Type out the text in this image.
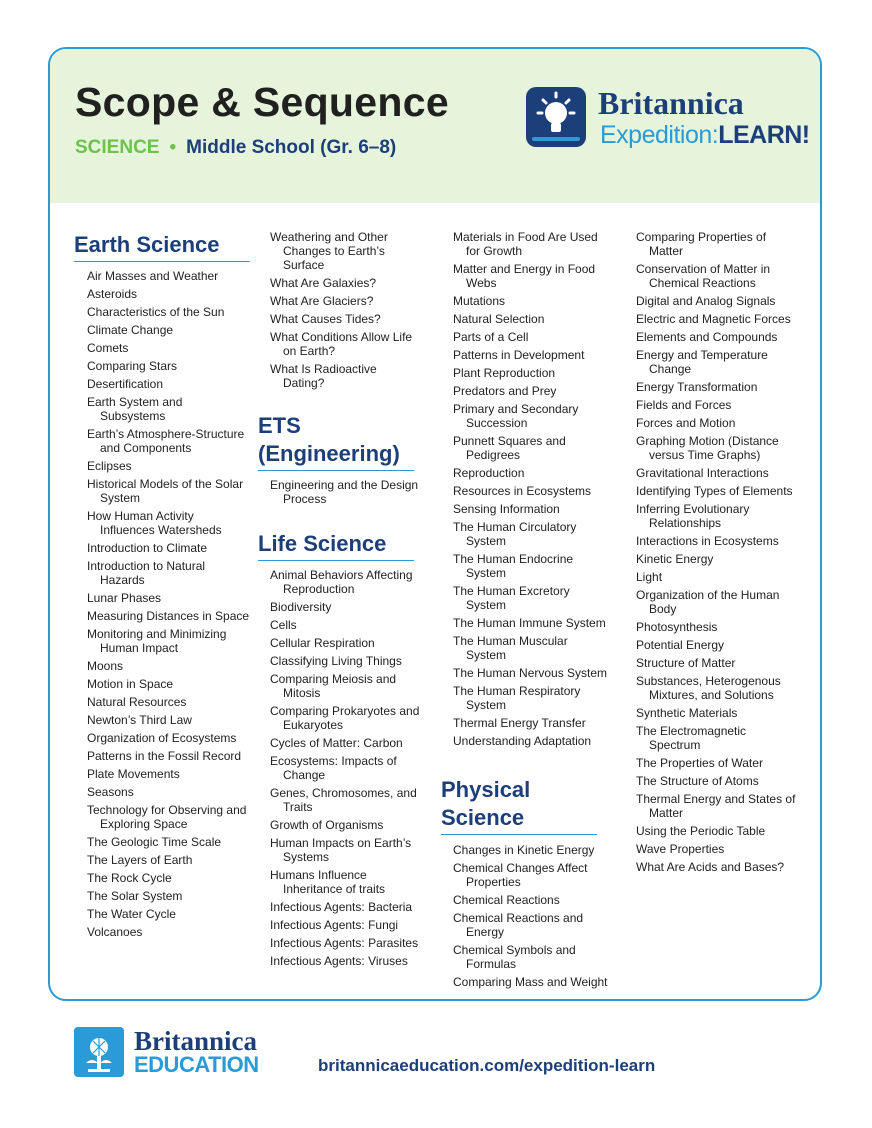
Scope & Sequence
SCIENCE • Middle School (Gr. 6–8)
Britannica
Expedition:LEARN!
Earth Science
Air Masses and Weather
Asteroids
Characteristics of the Sun
Climate Change
Comets
Comparing Stars
Desertification
Earth System and Subsystems
Earth’s Atmosphere-Structure and Components
Eclipses
Historical Models of the Solar System
How Human Activity Influences Watersheds
Introduction to Climate
Introduction to Natural Hazards
Lunar Phases
Measuring Distances in Space
Monitoring and Minimizing Human Impact
Moons
Motion in Space
Natural Resources
Newton’s Third Law
Organization of Ecosystems
Patterns in the Fossil Record
Plate Movements
Seasons
Technology for Observing and Exploring Space
The Geologic Time Scale
The Layers of Earth
The Rock Cycle
The Solar System
The Water Cycle
Volcanoes
Weathering and Other Changes to Earth’s Surface
What Are Galaxies?
What Are Glaciers?
What Causes Tides?
What Conditions Allow Life on Earth?
What Is Radioactive Dating?
ETS (Engineering)
Engineering and the Design Process
Life Science
Animal Behaviors Affecting Reproduction
Biodiversity
Cells
Cellular Respiration
Classifying Living Things
Comparing Meiosis and Mitosis
Comparing Prokaryotes and Eukaryotes
Cycles of Matter: Carbon
Ecosystems: Impacts of Change
Genes, Chromosomes, and Traits
Growth of Organisms
Human Impacts on Earth’s Systems
Humans Influence Inheritance of traits
Infectious Agents: Bacteria
Infectious Agents: Fungi
Infectious Agents: Parasites
Infectious Agents: Viruses
Materials in Food Are Used for Growth
Matter and Energy in Food Webs
Mutations
Natural Selection
Parts of a Cell
Patterns in Development
Plant Reproduction
Predators and Prey
Primary and Secondary Succession
Punnett Squares and Pedigrees
Reproduction
Resources in Ecosystems
Sensing Information
The Human Circulatory System
The Human Endocrine System
The Human Excretory System
The Human Immune System
The Human Muscular System
The Human Nervous System
The Human Respiratory System
Thermal Energy Transfer
Understanding Adaptation
Physical Science
Changes in Kinetic Energy
Chemical Changes Affect Properties
Chemical Reactions
Chemical Reactions and Energy
Chemical Symbols and Formulas
Comparing Mass and Weight
Comparing Properties of Matter
Conservation of Matter in Chemical Reactions
Digital and Analog Signals
Electric and Magnetic Forces
Elements and Compounds
Energy and Temperature Change
Energy Transformation
Fields and Forces
Forces and Motion
Graphing Motion (Distance versus Time Graphs)
Gravitational Interactions
Identifying Types of Elements
Inferring Evolutionary Relationships
Interactions in Ecosystems
Kinetic Energy
Light
Organization of the Human Body
Photosynthesis
Potential Energy
Structure of Matter
Substances, Heterogenous Mixtures, and Solutions
Synthetic Materials
The Electromagnetic Spectrum
The Properties of Water
The Structure of Atoms
Thermal Energy and States of Matter
Using the Periodic Table
Wave Properties
What Are Acids and Bases?
Britannica
EDUCATION	britannicaeducation.com/expedition-learn
